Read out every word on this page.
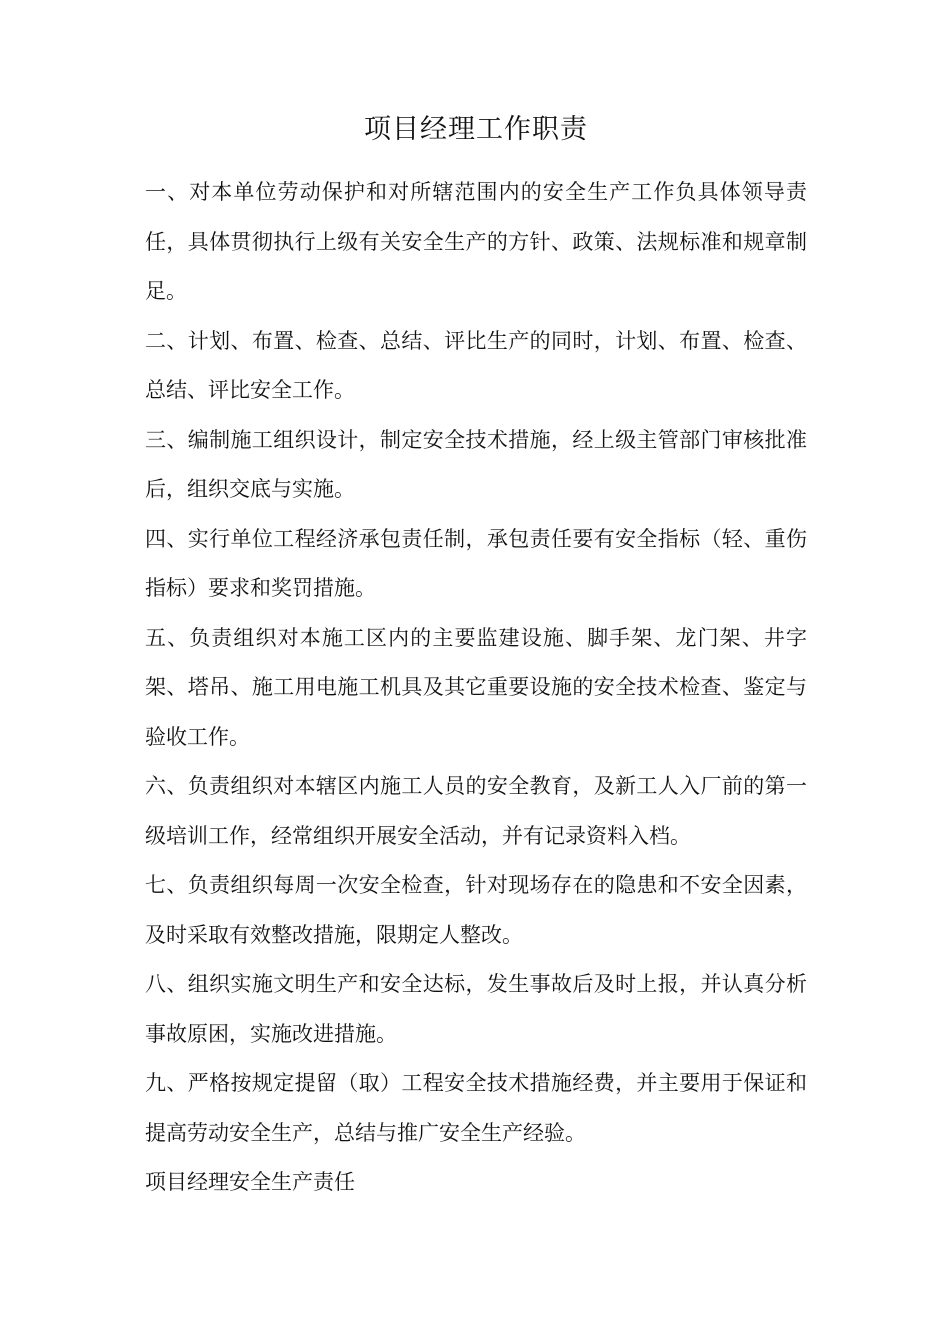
项目经理工作职责

一、对本单位劳动保护和对所辖范围内的安全生产工作负具体领导责任，具体贯彻执行上级有关安全生产的方针、政策、法规标准和规章制足。

二、计划、布置、检查、总结、评比生产的同时，计划、布置、检查、总结、评比安全工作。

三、编制施工组织设计，制定安全技术措施，经上级主管部门审核批准后，组织交底与实施。

四、实行单位工程经济承包责任制，承包责任要有安全指标（轻、重伤指标）要求和奖罚措施。

五、负责组织对本施工区内的主要监建设施、脚手架、龙门架、井字架、塔吊、施工用电施工机具及其它重要设施的安全技术检查、鉴定与验收工作。

六、负责组织对本辖区内施工人员的安全教育，及新工人入厂前的第一级培训工作，经常组织开展安全活动，并有记录资料入档。

七、负责组织每周一次安全检查，针对现场存在的隐患和不安全因素，及时采取有效整改措施，限期定人整改。

八、组织实施文明生产和安全达标，发生事故后及时上报，并认真分析事故原困，实施改进措施。

九、严格按规定提留（取）工程安全技术措施经费，并主要用于保证和提高劳动安全生产，总结与推广安全生产经验。

项目经理安全生产责任
